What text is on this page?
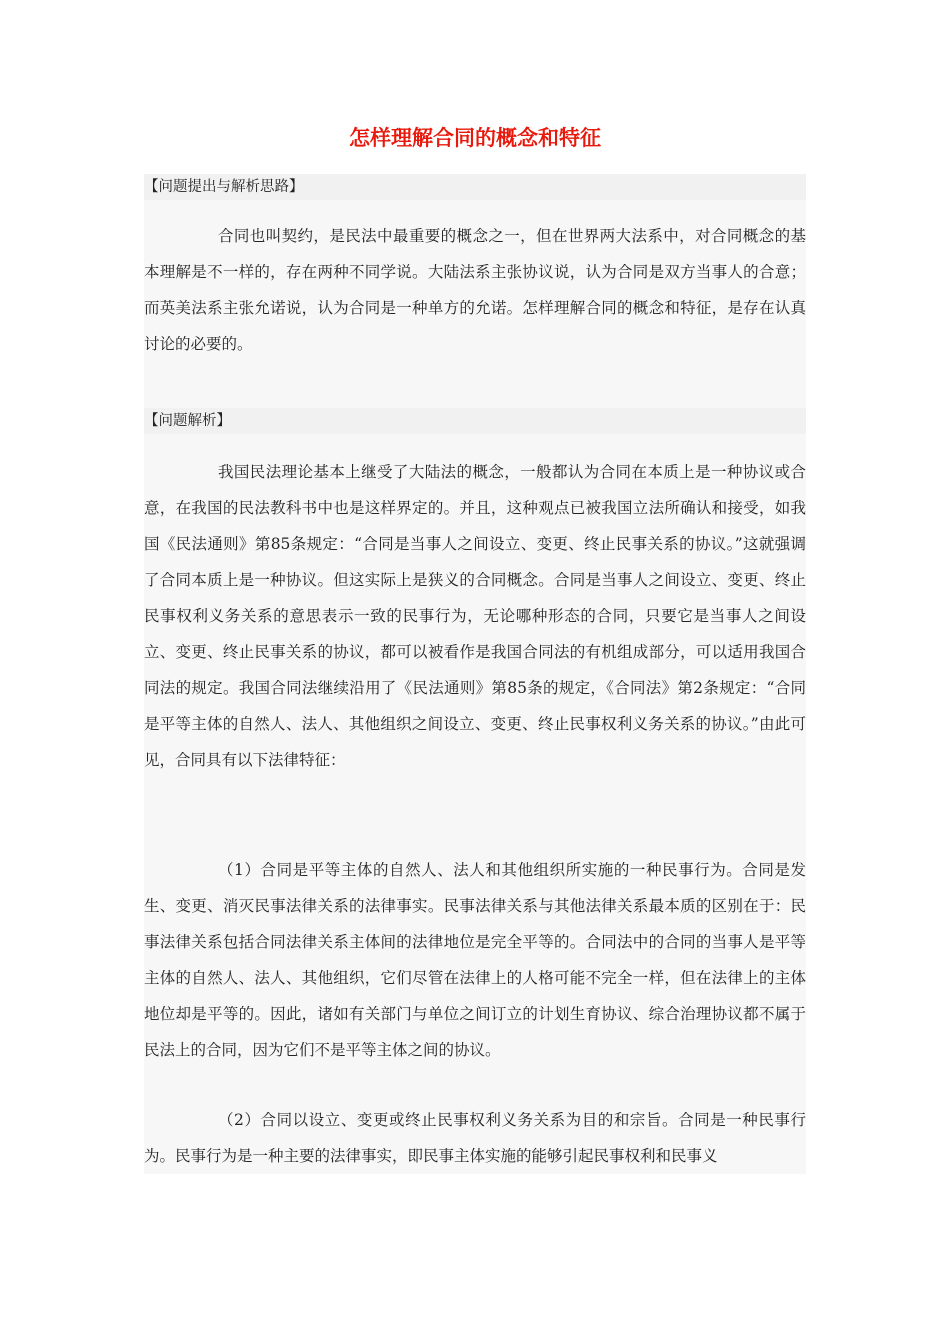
怎样理解合同的概念和特征
【问题提出与解析思路】
合同也叫契约，是民法中最重要的概念之一，但在世界两大法系中，对合同概念的基本理解是不一样的，存在两种不同学说。大陆法系主张协议说，认为合同是双方当事人的合意；而英美法系主张允诺说，认为合同是一种单方的允诺。怎样理解合同的概念和特征，是存在认真讨论的必要的。
【问题解析】
我国民法理论基本上继受了大陆法的概念，一般都认为合同在本质上是一种协议或合意，在我国的民法教科书中也是这样界定的。并且，这种观点已被我国立法所确认和接受，如我国《民法通则》第85条规定：“合同是当事人之间设立、变更、终止民事关系的协议。”这就强调了合同本质上是一种协议。但这实际上是狭义的合同概念。合同是当事人之间设立、变更、终止民事权利义务关系的意思表示一致的民事行为，无论哪种形态的合同，只要它是当事人之间设立、变更、终止民事关系的协议，都可以被看作是我国合同法的有机组成部分，可以适用我国合同法的规定。我国合同法继续沿用了《民法通则》第85条的规定，《合同法》第2条规定：“合同是平等主体的自然人、法人、其他组织之间设立、变更、终止民事权利义务关系的协议。”由此可见，合同具有以下法律特征：
（1）合同是平等主体的自然人、法人和其他组织所实施的一种民事行为。合同是发生、变更、消灭民事法律关系的法律事实。民事法律关系与其他法律关系最本质的区别在于：民事法律关系包括合同法律关系主体间的法律地位是完全平等的。合同法中的合同的当事人是平等主体的自然人、法人、其他组织，它们尽管在法律上的人格可能不完全一样，但在法律上的主体地位却是平等的。因此，诸如有关部门与单位之间订立的计划生育协议、综合治理协议都不属于民法上的合同，因为它们不是平等主体之间的协议。
（2）合同以设立、变更或终止民事权利义务关系为目的和宗旨。合同是一种民事行为。民事行为是一种主要的法律事实，即民事主体实施的能够引起民事权利和民事义
